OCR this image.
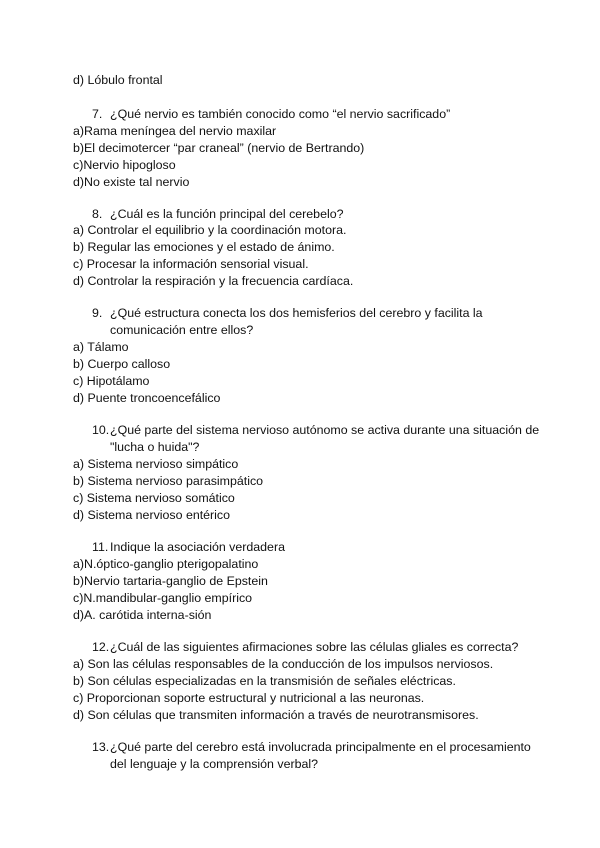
d) Lóbulo frontal
7. ¿Qué nervio es también conocido como “el nervio sacrificado”
a)Rama meníngea del nervio maxilar
b)El decimotercer “par craneal” (nervio de Bertrando)
c)Nervio hipogloso
d)No existe tal nervio
8. ¿Cuál es la función principal del cerebelo?
a) Controlar el equilibrio y la coordinación motora.
b) Regular las emociones y el estado de ánimo.
c) Procesar la información sensorial visual.
d) Controlar la respiración y la frecuencia cardíaca.
9. ¿Qué estructura conecta los dos hemisferios del cerebro y facilita la
comunicación entre ellos?
a) Tálamo
b) Cuerpo calloso
c) Hipotálamo
d) Puente troncoencefálico
10.¿Qué parte del sistema nervioso autónomo se activa durante una situación de
"lucha o huida"?
a) Sistema nervioso simpático
b) Sistema nervioso parasimpático
c) Sistema nervioso somático
d) Sistema nervioso entérico
11. Indique la asociación verdadera
a)N.óptico-ganglio pterigopalatino
b)Nervio tartaria-ganglio de Epstein
c)N.mandibular-ganglio empírico
d)A. carótida interna-sión
12.¿Cuál de las siguientes afirmaciones sobre las células gliales es correcta?
a) Son las células responsables de la conducción de los impulsos nerviosos.
b) Son células especializadas en la transmisión de señales eléctricas.
c) Proporcionan soporte estructural y nutricional a las neuronas.
d) Son células que transmiten información a través de neurotransmisores.
13.¿Qué parte del cerebro está involucrada principalmente en el procesamiento
del lenguaje y la comprensión verbal?
